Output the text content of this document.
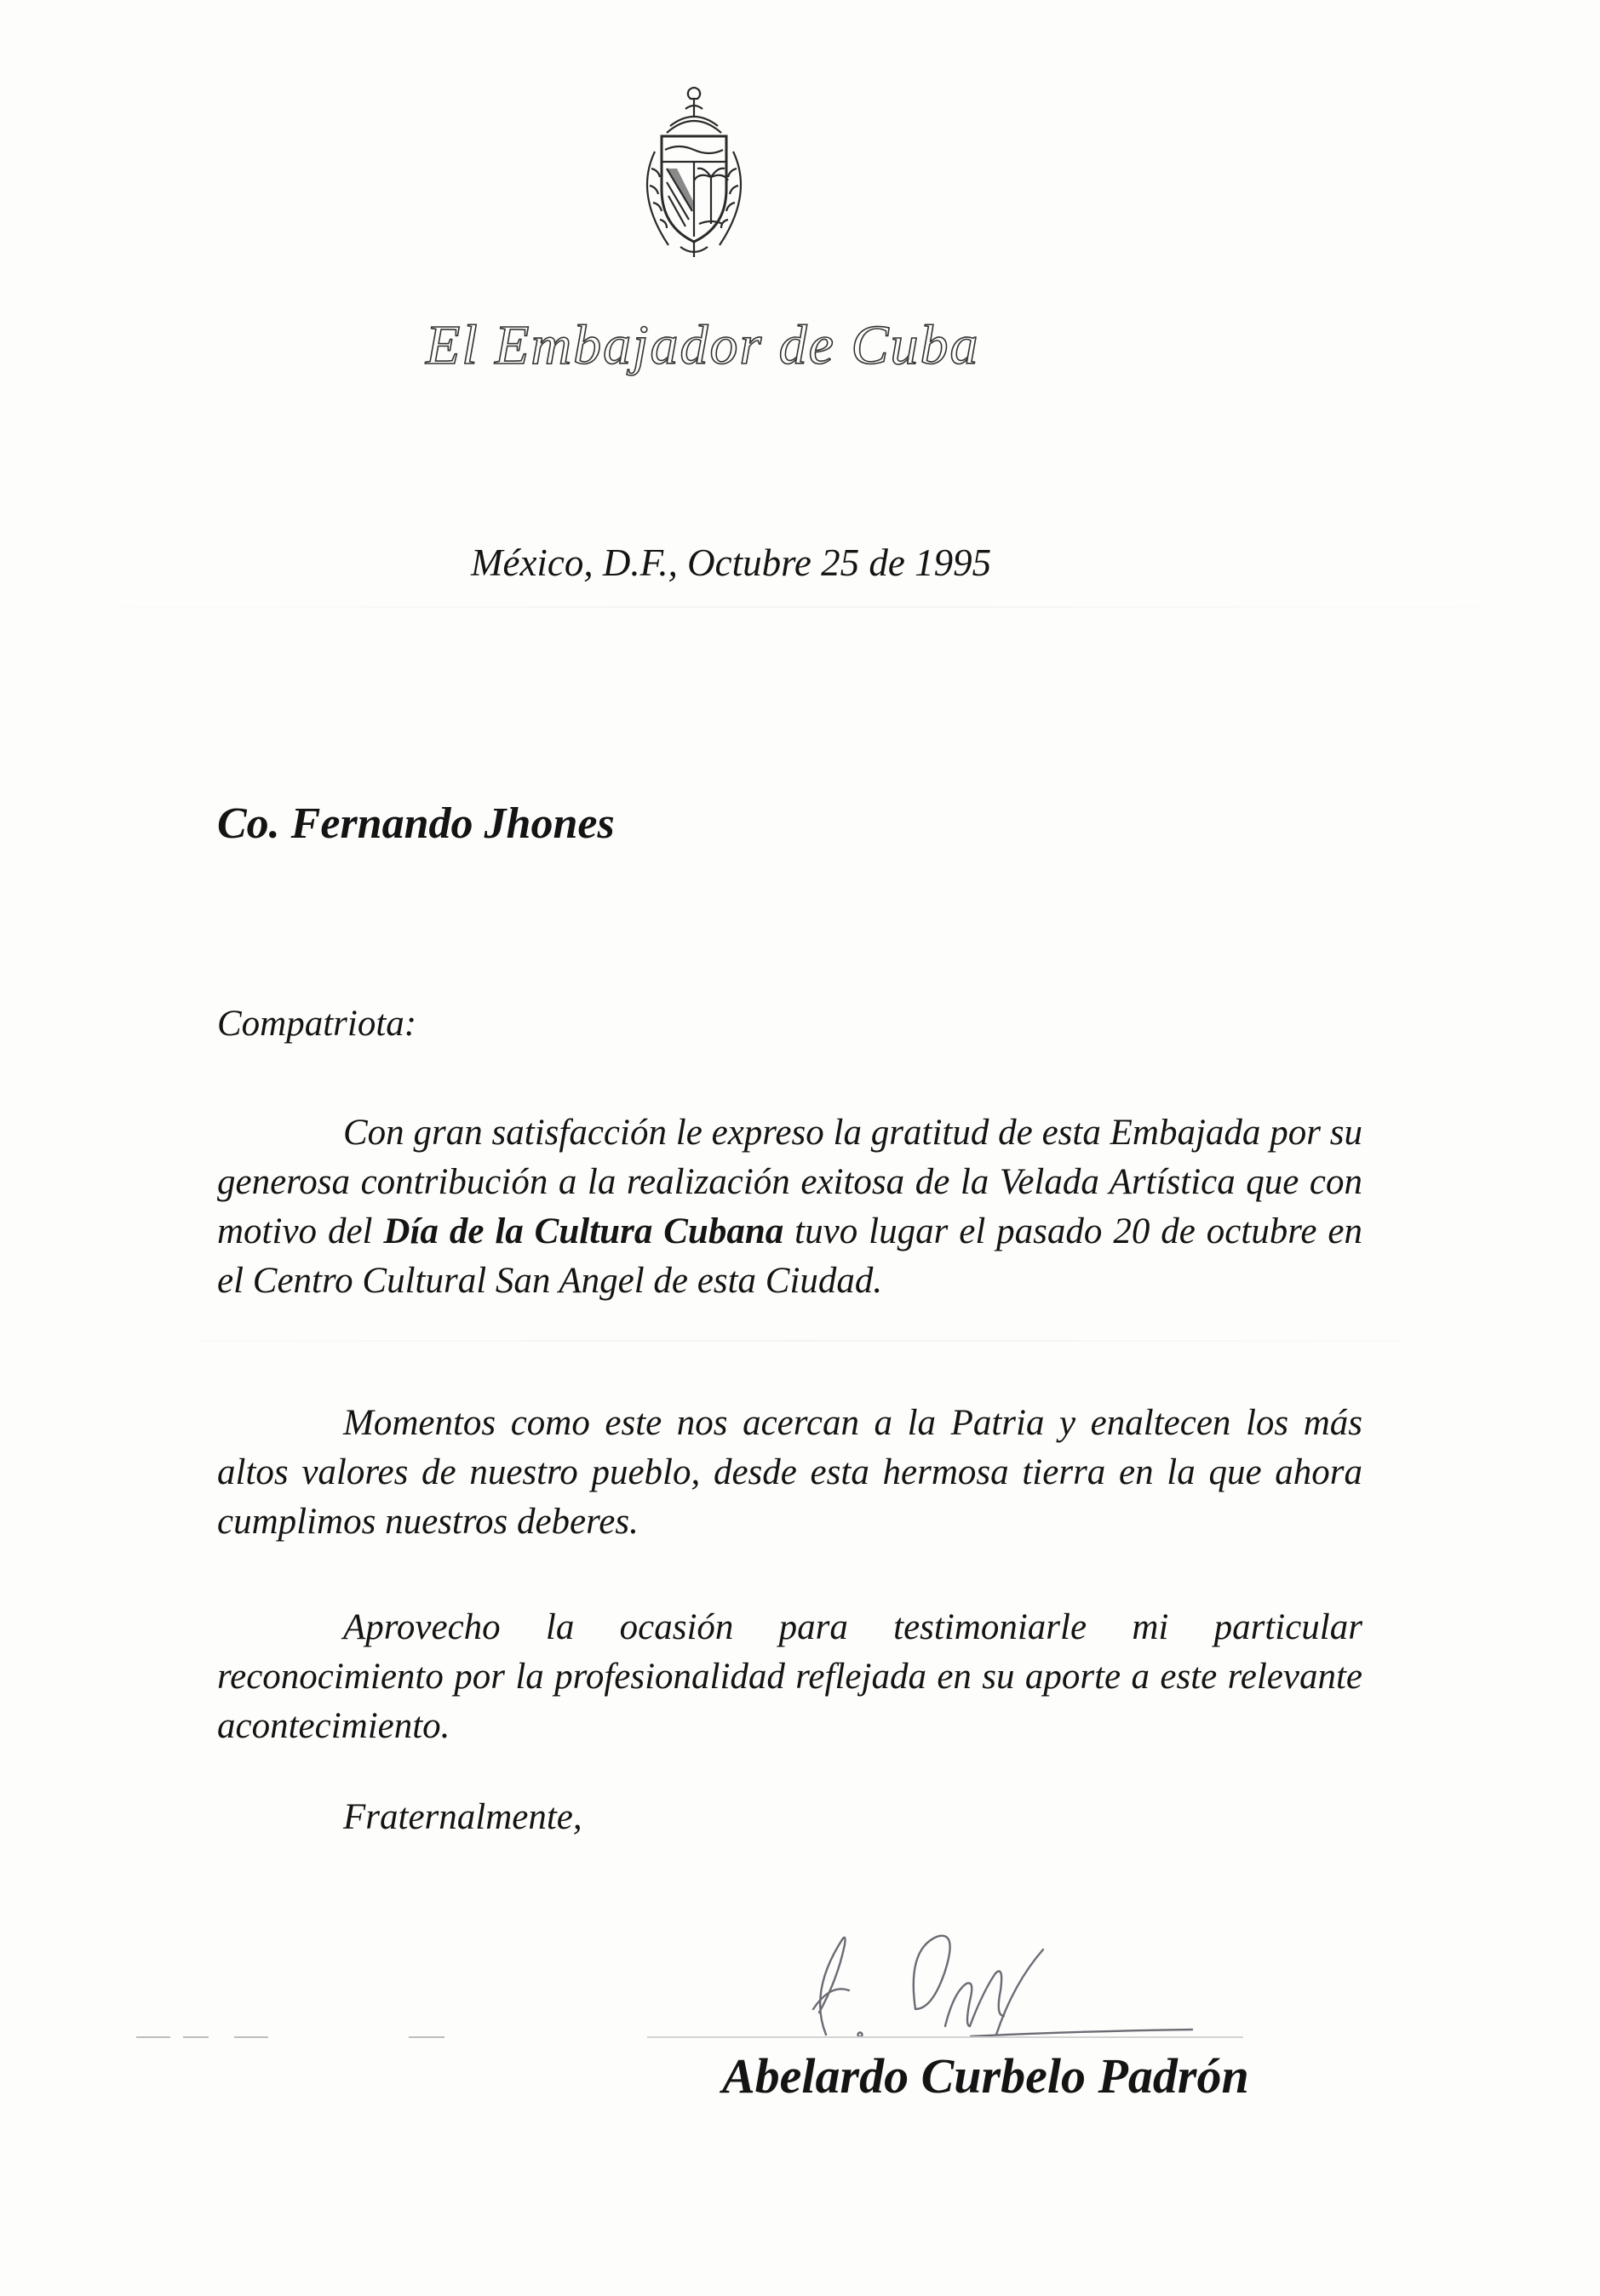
El Embajador de Cuba
México, D.F., Octubre 25 de 1995
Co. Fernando Jhones
Compatriota:
Con gran satisfacción le expreso la gratitud de esta Embajada por su generosa contribución a la realización exitosa de la Velada Artística que con motivo del Día de la Cultura Cubana tuvo lugar el pasado 20 de octubre en el Centro Cultural San Angel de esta Ciudad.
Momentos como este nos acercan a la Patria y enaltecen los más altos valores de nuestro pueblo, desde esta hermosa tierra en la que ahora cumplimos nuestros deberes.
Aprovecho la ocasión para testimoniarle mi particular reconocimiento por la profesionalidad reflejada en su aporte a este relevante acontecimiento.
Fraternalmente,
Abelardo Curbelo Padrón
